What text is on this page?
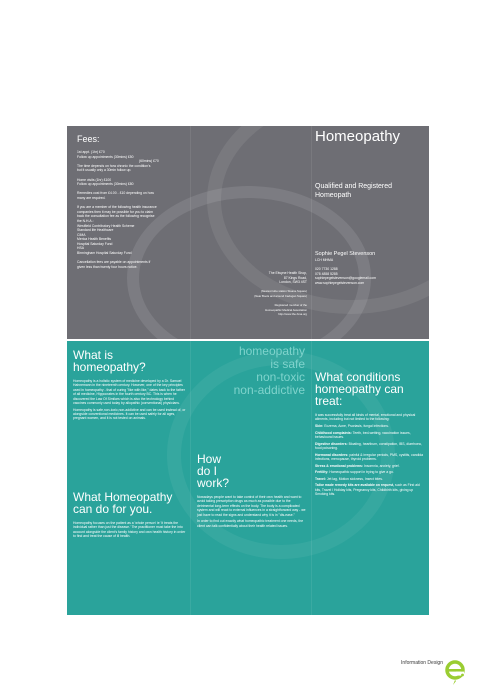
Fees:

1st appt. (1hr) £70

Follow up appointments (30mins) £50

(60mins) £70

The time depends on how chronic the condition's

but it usually only a 30min follow up.

Home visits (1hr) £100

Follow up appointments (30mins) £80

Remedies cost from £4.00 - £10 depending on how

many are required.

If you are a member of the following health insurance

companies then it may be possible for you to claim

back the consultation fee as the following recognise

the N.H.A.:

Westfield Contributory Health Scheme

Standard life Healthcare

CIMA

Merica Health Benefits

Hospital Saturday Fund

HSA

Birmingham Hospital Saturday Fund

Cancellation fees are payable on appointments if

given less than twenty four hours notice.

The Elwyne Health Shop,

87 Kings Road,

London, SW3 4ST

(Nearest tube station Sloane Square)

(Near Boots and around Cadogan Square)

Registered member of the

Homeopathic Medical Association

http://www.the-hma.org

Homeopathy
Qualified and Registered Homeopath
Sophie Pegel Stevenson

LCH MHMA

020 7730 1288

078 4858 5285

sophiepegelstevenson@googlemail.com

www.sophiepegelstevenson.com

What is homeopathy?

Homeopathy is a holistic system of medicine developed by a Dr. Samuel Hahnemann in the nineteenth century. However, one of the key principles used in homeopathy - that of curing "like with like," dates back to the father of all medicine, Hippocrates in the fourth century BC. This is when he discovered the Law Of Similars which is also the technology behind vaccines commonly used today by allopathic (conventional) physicians.

Homeopathy is safe,non-toxic,non-addictive and can be used instead of, or alongside conventional medicines. It can be used safely for all ages, pregnant women, and it is not tested on animals.

What Homeopathy can do for you.

Homeopathy focuses on the patient as a 'whole person' ie 'it treats the individual rather than just the disease.' The practitioner must take the into account alongside the client's family history and own health history in order to find and treat the cause of ill health.

homeopathy

is safe

non-toxic

non-addictive

How

do I

work?

Nowadays people want to take control of their own health and want to avoid taking prescription drugs as much as possible due to the detrimental long-term effects on the body. The body is a complicated system and will react to external influences in a straightforward way - we just have to read the signs and understand why it is in "dis-ease."

In order to find out exactly what homeopathic treatment one needs, the client can talk confidentially about their health related issues.

What conditions homeopathy can treat:

It was successfully treat all kinds of mental, emotional and physical ailments, including but not limited to the following:

Skin: Eczema, Acne, Psoriasis, fungal infections.

Childhood complaints: Teeth, bed-wetting, vaccination issues, behavioural issues.

Digestive disorders: Bloating, heartburn, constipation, IBS, diarrhoea, food poisoning.

Hormonal disorders: painful & irregular periods, PMS, cystitis, candida infections, menopause, thyroid problems.

Stress & emotional problems: Insomnia, anxiety, grief.

Fertility: Homeopathic support in trying to give a go.

Travel: Jet lag, Motion sickness, Insect bites.

Tailor made remedy kits are available on request, such as First aid kits, Travel / Holiday kits, Pregnancy kits, Childbirth kits, giving up Smoking kits.

Information Design
